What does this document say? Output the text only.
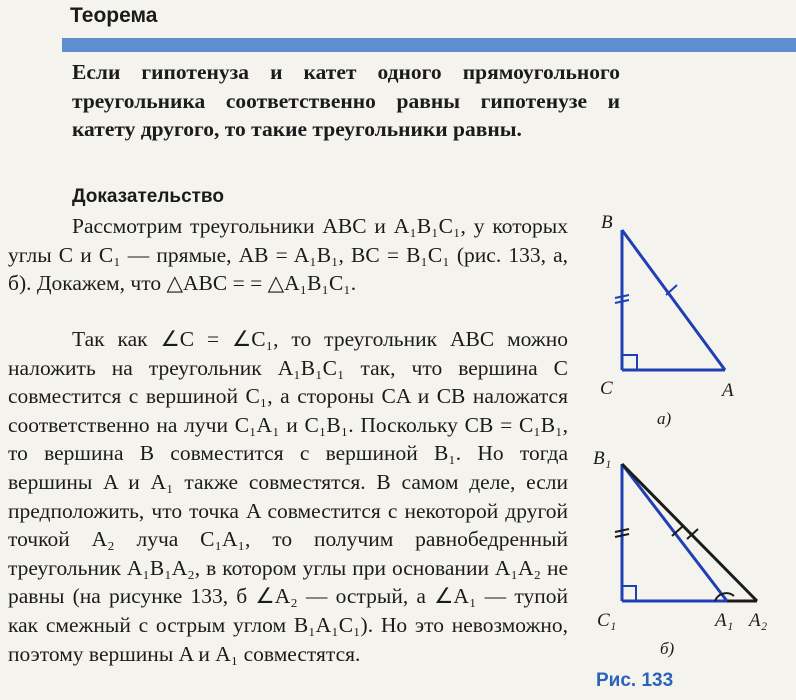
Теорема
Если гипотенуза и катет одного прямоугольного треугольника соответственно равны гипотенузе и катету другого, то такие треугольники равны.
Доказательство
Рассмотрим треугольники ABC и A₁B₁C₁, у которых углы C и C₁ — прямые, AB = A₁B₁, BC = B₁C₁ (рис. 133, а, б). Докажем, что △ABC = = △A₁B₁C₁.
Так как ∠C = ∠C₁, то треугольник ABC можно наложить на треугольник A₁B₁C₁ так, что вершина C совместится с вершиной C₁, а стороны CA и CB наложатся соответственно на лучи C₁A₁ и C₁B₁. Поскольку CB = C₁B₁, то вершина B совместится с вершиной B₁. Но тогда вершины A и A₁ также совместятся. В самом деле, если предположить, что точка A совместится с некоторой другой точкой A₂ луча C₁A₁, то получим равнобедренный треугольник A₁B₁A₂, в котором углы при основании A₁A₂ не равны (на рисунке 133, б ∠A₂ — острый, а ∠A₁ — тупой как смежный с острым углом B₁A₁C₁). Но это невозможно, поэтому вершины A и A₁ совместятся.
B
C	A
а)
B₁
C₁	A₁ A₂
б)
Рис. 133
